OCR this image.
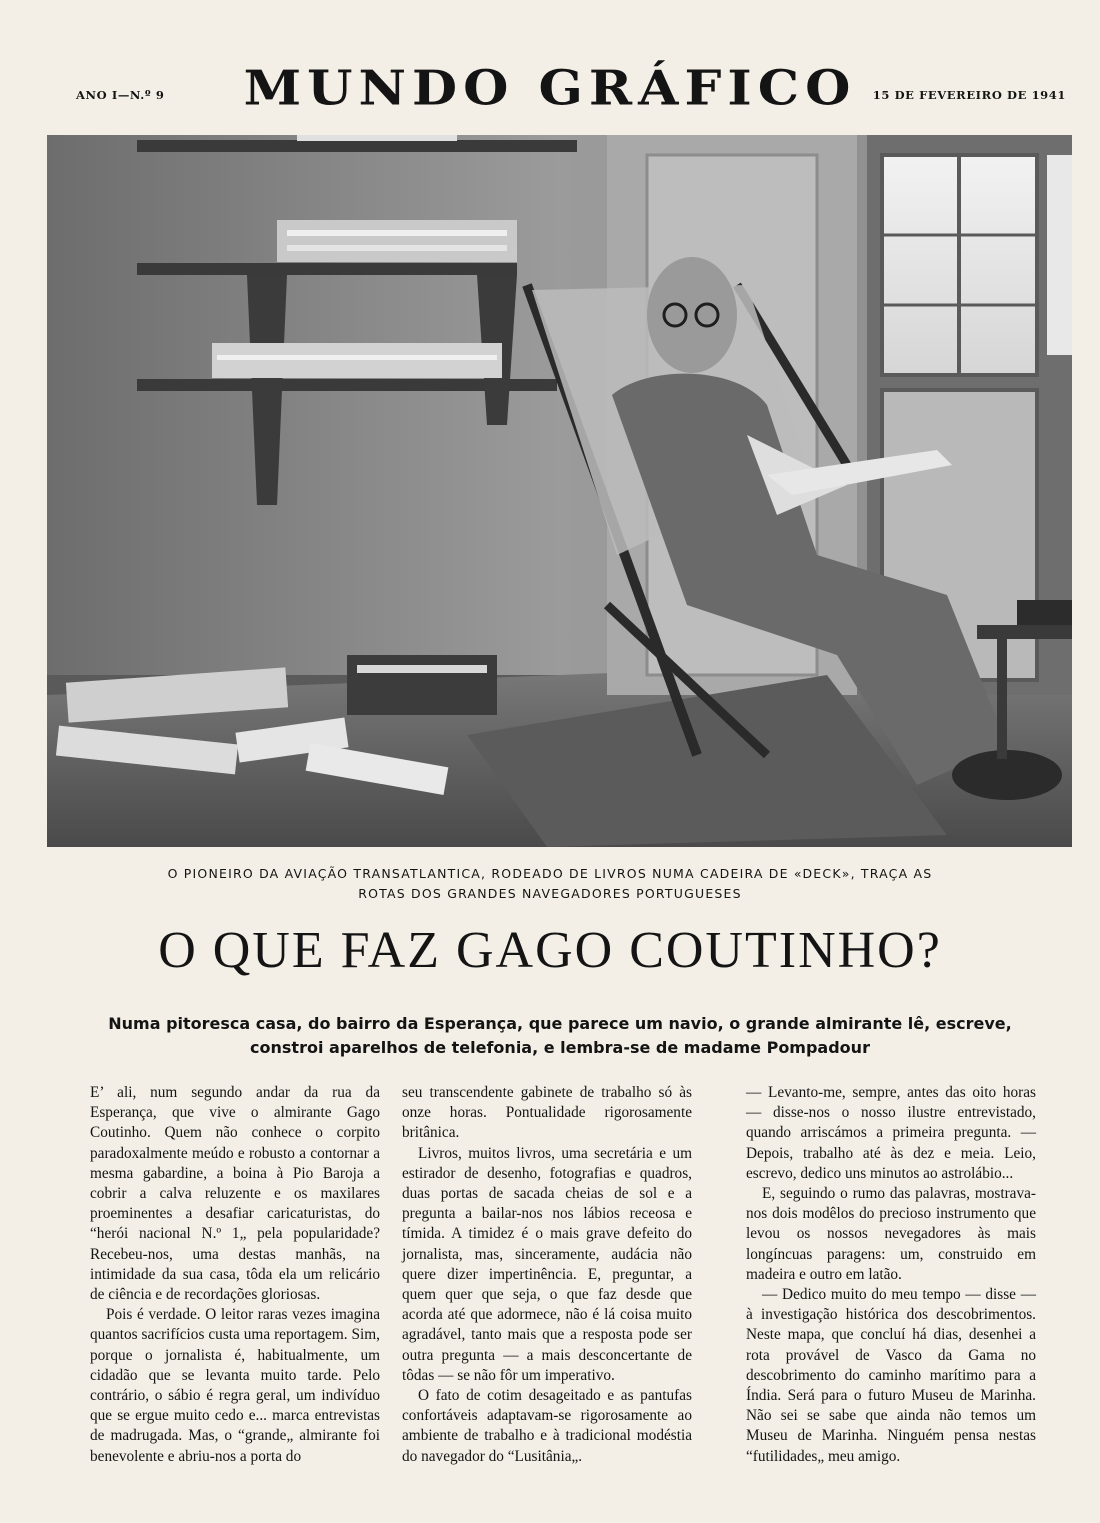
ANO I—N.º 9	MUNDO GRÁFICO	15 DE FEVEREIRO DE 1941
O PIONEIRO DA AVIAÇÃO TRANSATLANTICA, RODEADO DE LIVROS NUMA CADEIRA DE «DECK», TRAÇA AS
ROTAS DOS GRANDES NAVEGADORES PORTUGUESES
O QUE FAZ GAGO COUTINHO?
Numa pitoresca casa, do bairro da Esperança, que parece um navio, o grande almirante lê, escreve,
constroi aparelhos de telefonia, e lembra-se de madame Pompadour

E’ ali, num segundo andar da rua da Esperança, que vive o almirante Gago Coutinho. Quem não conhece o corpito paradoxalmente meúdo e robusto a contornar a mesma gabardine, a boina à Pio Baroja a cobrir a calva reluzente e os maxilares proeminentes a desafiar caricaturistas, do “herói nacional N.º 1„ pela popularidade? Recebeu-nos, uma destas manhãs, na intimidade da sua casa, tôda ela um relicário de ciência e de recordações gloriosas.

Pois é verdade. O leitor raras vezes imagina quantos sacrifícios custa uma reportagem. Sim, porque o jornalista é, habitualmente, um cidadão que se levanta muito tarde. Pelo contrário, o sábio é regra geral, um indivíduo que se ergue muito cedo e... marca entrevistas de madrugada. Mas, o “grande„ almirante foi benevolente e abriu-nos a porta do

seu transcendente gabinete de trabalho só às onze horas. Pontualidade rigorosamente britânica.

Livros, muitos livros, uma secretária e um estirador de desenho, fotografias e quadros, duas portas de sacada cheias de sol e a pregunta a bailar-nos nos lábios receosa e tímida. A timidez é o mais grave defeito do jornalista, mas, sinceramente, audácia não quere dizer impertinência. E, preguntar, a quem quer que seja, o que faz desde que acorda até que adormece, não é lá coisa muito agradável, tanto mais que a resposta pode ser outra pregunta — a mais desconcertante de tôdas — se não fôr um imperativo.

O fato de cotim desageitado e as pantufas confortáveis adaptavam-se rigorosamente ao ambiente de trabalho e à tradicional modéstia do navegador do “Lusitânia„.

— Levanto-me, sempre, antes das oito horas — disse-nos o nosso ilustre entrevistado, quando arriscámos a primeira pregunta. — Depois, trabalho até às dez e meia. Leio, escrevo, dedico uns minutos ao astrolábio...

E, seguindo o rumo das palavras, mostrava-nos dois modêlos do precioso instrumento que levou os nossos nevegadores às mais longíncuas paragens: um, construido em madeira e outro em latão.

— Dedico muito do meu tempo — disse — à investigação histórica dos descobrimentos. Neste mapa, que concluí há dias, desenhei a rota provável de Vasco da Gama no descobrimento do caminho marítimo para a Índia. Será para o futuro Museu de Marinha. Não sei se sabe que ainda não temos um Museu de Marinha. Ninguém pensa nestas “futilidades„ meu amigo.
